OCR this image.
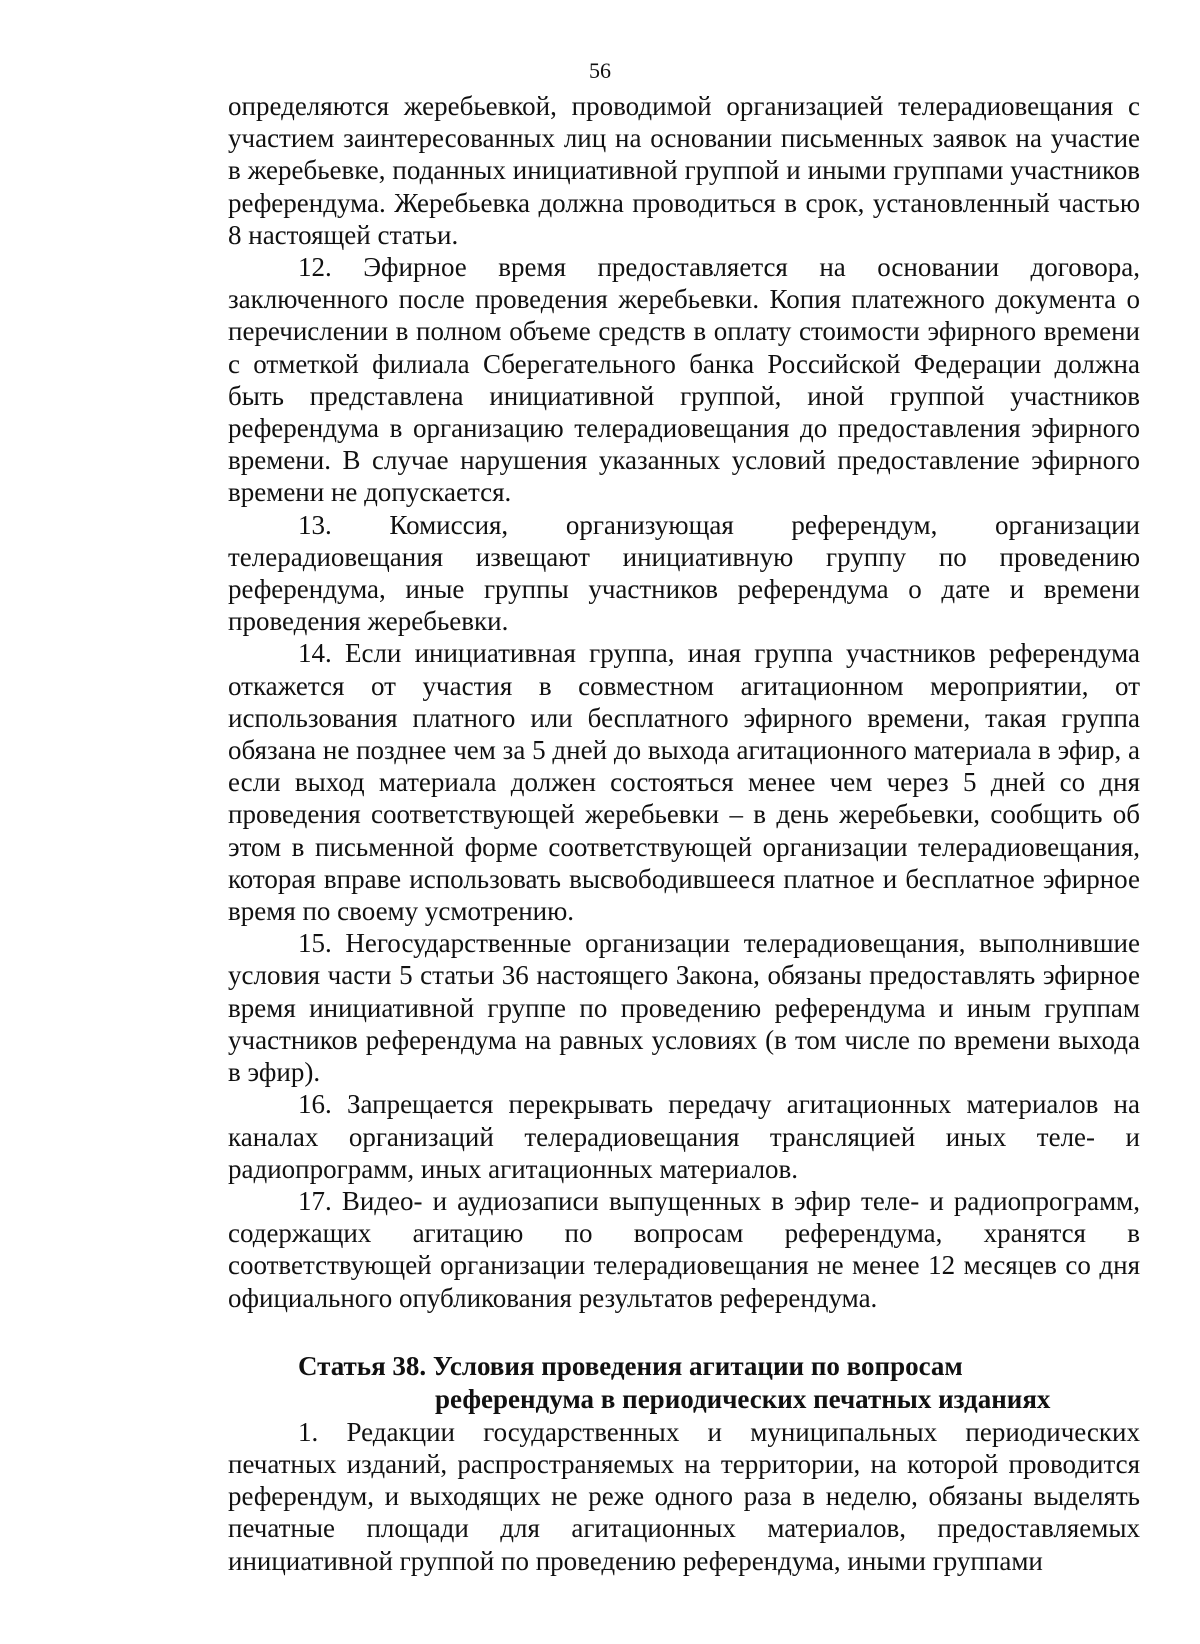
56

определяются жеребьевкой, проводимой организацией телерадиовещания с участием заинтересованных лиц на основании письменных заявок на участие в жеребьевке, поданных инициативной группой и иными группами участников референдума. Жеребьевка должна проводиться в срок, установленный частью 8 настоящей статьи.

12. Эфирное время предоставляется на основании договора, заключенного после проведения жеребьевки. Копия платежного документа о перечислении в полном объеме средств в оплату стоимости эфирного времени с отметкой филиала Сберегательного банка Российской Федерации должна быть представлена инициативной группой, иной группой участников референдума в организацию телерадиовещания до предоставления эфирного времени. В случае нарушения указанных условий предоставление эфирного времени не допускается.

13. Комиссия, организующая референдум, организации телерадиовещания извещают инициативную группу по проведению референдума, иные группы участников референдума о дате и времени проведения жеребьевки.

14. Если инициативная группа, иная группа участников референдума откажется от участия в совместном агитационном мероприятии, от использования платного или бесплатного эфирного времени, такая группа обязана не позднее чем за 5 дней до выхода агитационного материала в эфир, а если выход материала должен состояться менее чем через 5 дней со дня проведения соответствующей жеребьевки – в день жеребьевки, сообщить об этом в письменной форме соответствующей организации телерадиовещания, которая вправе использовать высвободившееся платное и бесплатное эфирное время по своему усмотрению.

15. Негосударственные организации телерадиовещания, выполнившие условия части 5 статьи 36 настоящего Закона, обязаны предоставлять эфирное время инициативной группе по проведению референдума и иным группам участников референдума на равных условиях (в том числе по времени выхода в эфир).

16. Запрещается перекрывать передачу агитационных материалов на каналах организаций телерадиовещания трансляцией иных теле- и радиопрограмм, иных агитационных материалов.

17. Видео- и аудиозаписи выпущенных в эфир теле- и радиопрограмм, содержащих агитацию по вопросам референдума, хранятся в соответствующей организации телерадиовещания не менее 12 месяцев со дня официального опубликования результатов референдума.

Статья 38. Условия проведения агитации по вопросам
референдума в периодических печатных изданиях

1. Редакции государственных и муниципальных периодических печатных изданий, распространяемых на территории, на которой проводится референдум, и выходящих не реже одного раза в неделю, обязаны выделять печатные площади для агитационных материалов, предоставляемых инициативной группой по проведению референдума, иными группами
